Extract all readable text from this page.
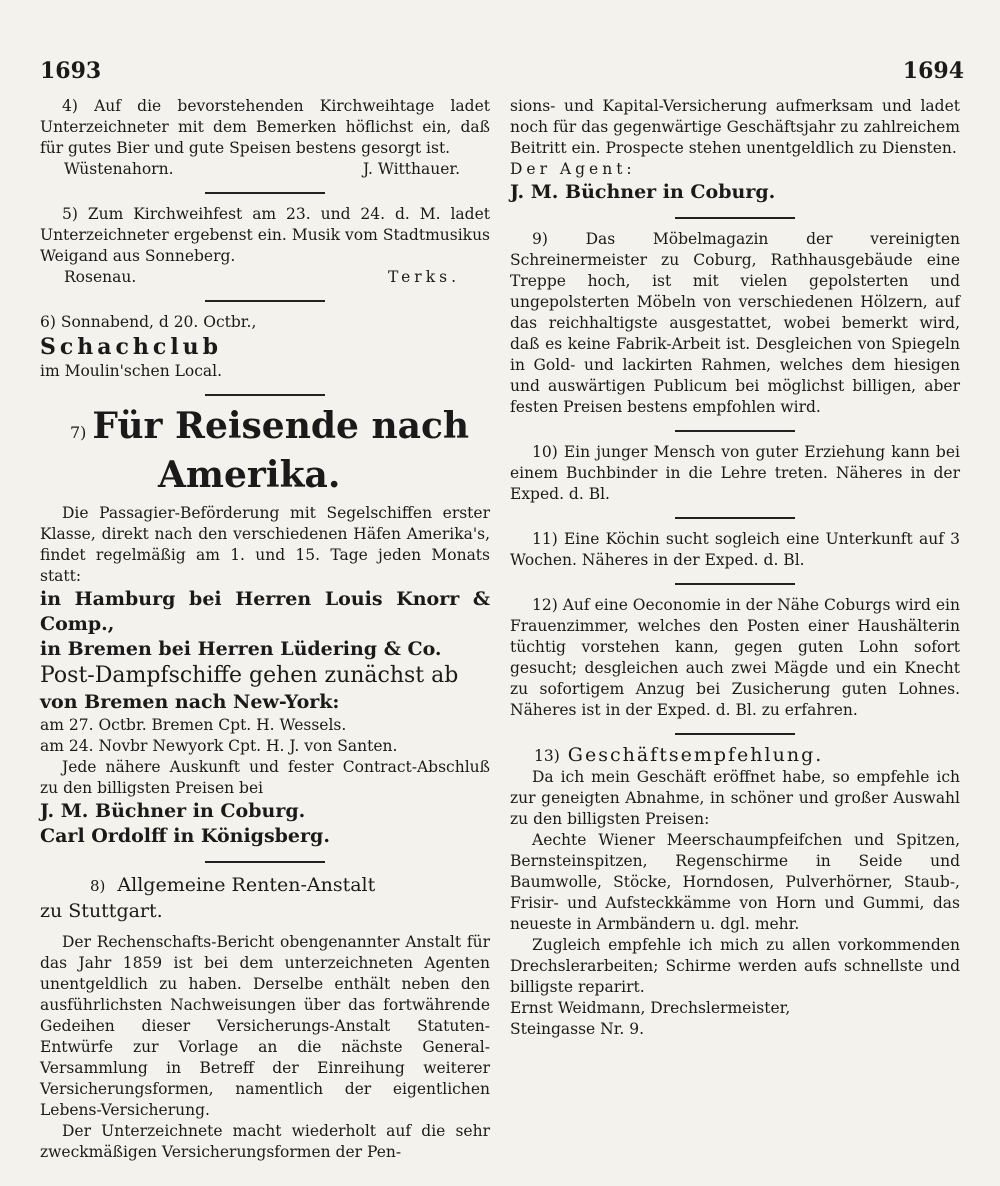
1693	1694

4) Auf die bevorstehenden Kirchweihtage ladet Unterzeichneter mit dem Bemerken höflichst ein, daß für gutes Bier und gute Speisen bestens gesorgt ist.

Wüstenahorn.	J. Witthauer.

5) Zum Kirchweihfest am 23. und 24. d. M. ladet Unterzeichneter ergebenst ein. Musik vom Stadtmusikus Weigand aus Sonneberg.

Rosenau.	Terks.

6) Sonnabend, d 20. Octbr.,

Schachclub

im Moulin'schen Local.

7) Für Reisende nach
Amerika.

Die Passagier-Beförderung mit Segelschiffen erster Klasse, direkt nach den verschiedenen Häfen Amerika's, findet regelmäßig am 1. und 15. Tage jeden Monats statt:

in Hamburg bei Herren Louis Knorr & Comp.,

in Bremen bei Herren Lüdering & Co.

Post-Dampfschiffe gehen zunächst ab

von Bremen nach New-York:

am 27. Octbr. Bremen Cpt. H. Wessels.

am 24. Novbr Newyork Cpt. H. J. von Santen.

Jede nähere Auskunft und fester Contract-Abschluß zu den billigsten Preisen bei

J. M. Büchner in Coburg.

Carl Ordolff in Königsberg.

8) Allgemeine Renten-Anstalt

zu Stuttgart.

Der Rechenschafts-Bericht obengenannter Anstalt für das Jahr 1859 ist bei dem unterzeichneten Agenten unentgeldlich zu haben. Derselbe enthält neben den ausführlichsten Nachweisungen über das fortwährende Gedeihen dieser Versicherungs-Anstalt Statuten-Entwürfe zur Vorlage an die nächste General-Versammlung in Betreff der Einreihung weiterer Versicherungsformen, namentlich der eigentlichen Lebens-Versicherung.

Der Unterzeichnete macht wiederholt auf die sehr zweckmäßigen Versicherungsformen der Pen-

sions- und Kapital-Versicherung aufmerksam und ladet noch für das gegenwärtige Geschäftsjahr zu zahlreichem Beitritt ein. Prospecte stehen unentgeldlich zu Diensten.

Der Agent:

J. M. Büchner in Coburg.

9) Das Möbelmagazin der vereinigten Schreinermeister zu Coburg, Rathhausgebäude eine Treppe hoch, ist mit vielen gepolsterten und ungepolsterten Möbeln von verschiedenen Hölzern, auf das reichhaltigste ausgestattet, wobei bemerkt wird, daß es keine Fabrik-Arbeit ist. Desgleichen von Spiegeln in Gold- und lackirten Rahmen, welches dem hiesigen und auswärtigen Publicum bei möglichst billigen, aber festen Preisen bestens empfohlen wird.

10) Ein junger Mensch von guter Erziehung kann bei einem Buchbinder in die Lehre treten. Näheres in der Exped. d. Bl.

11) Eine Köchin sucht sogleich eine Unterkunft auf 3 Wochen. Näheres in der Exped. d. Bl.

12) Auf eine Oeconomie in der Nähe Coburgs wird ein Frauenzimmer, welches den Posten einer Haushälterin tüchtig vorstehen kann, gegen guten Lohn sofort gesucht; desgleichen auch zwei Mägde und ein Knecht zu sofortigem Anzug bei Zusicherung guten Lohnes. Näheres ist in der Exped. d. Bl. zu erfahren.

13) Geschäftsempfehlung.

Da ich mein Geschäft eröffnet habe, so empfehle ich zur geneigten Abnahme, in schöner und großer Auswahl zu den billigsten Preisen:

Aechte Wiener Meerschaumpfeifchen und Spitzen, Bernsteinspitzen, Regenschirme in Seide und Baumwolle, Stöcke, Horndosen, Pulverhörner, Staub-, Frisir- und Aufsteckkämme von Horn und Gummi, das neueste in Armbändern u. dgl. mehr.

Zugleich empfehle ich mich zu allen vorkommenden Drechslerarbeiten; Schirme werden aufs schnellste und billigste reparirt.

Ernst Weidmann, Drechslermeister,

Steingasse Nr. 9.
